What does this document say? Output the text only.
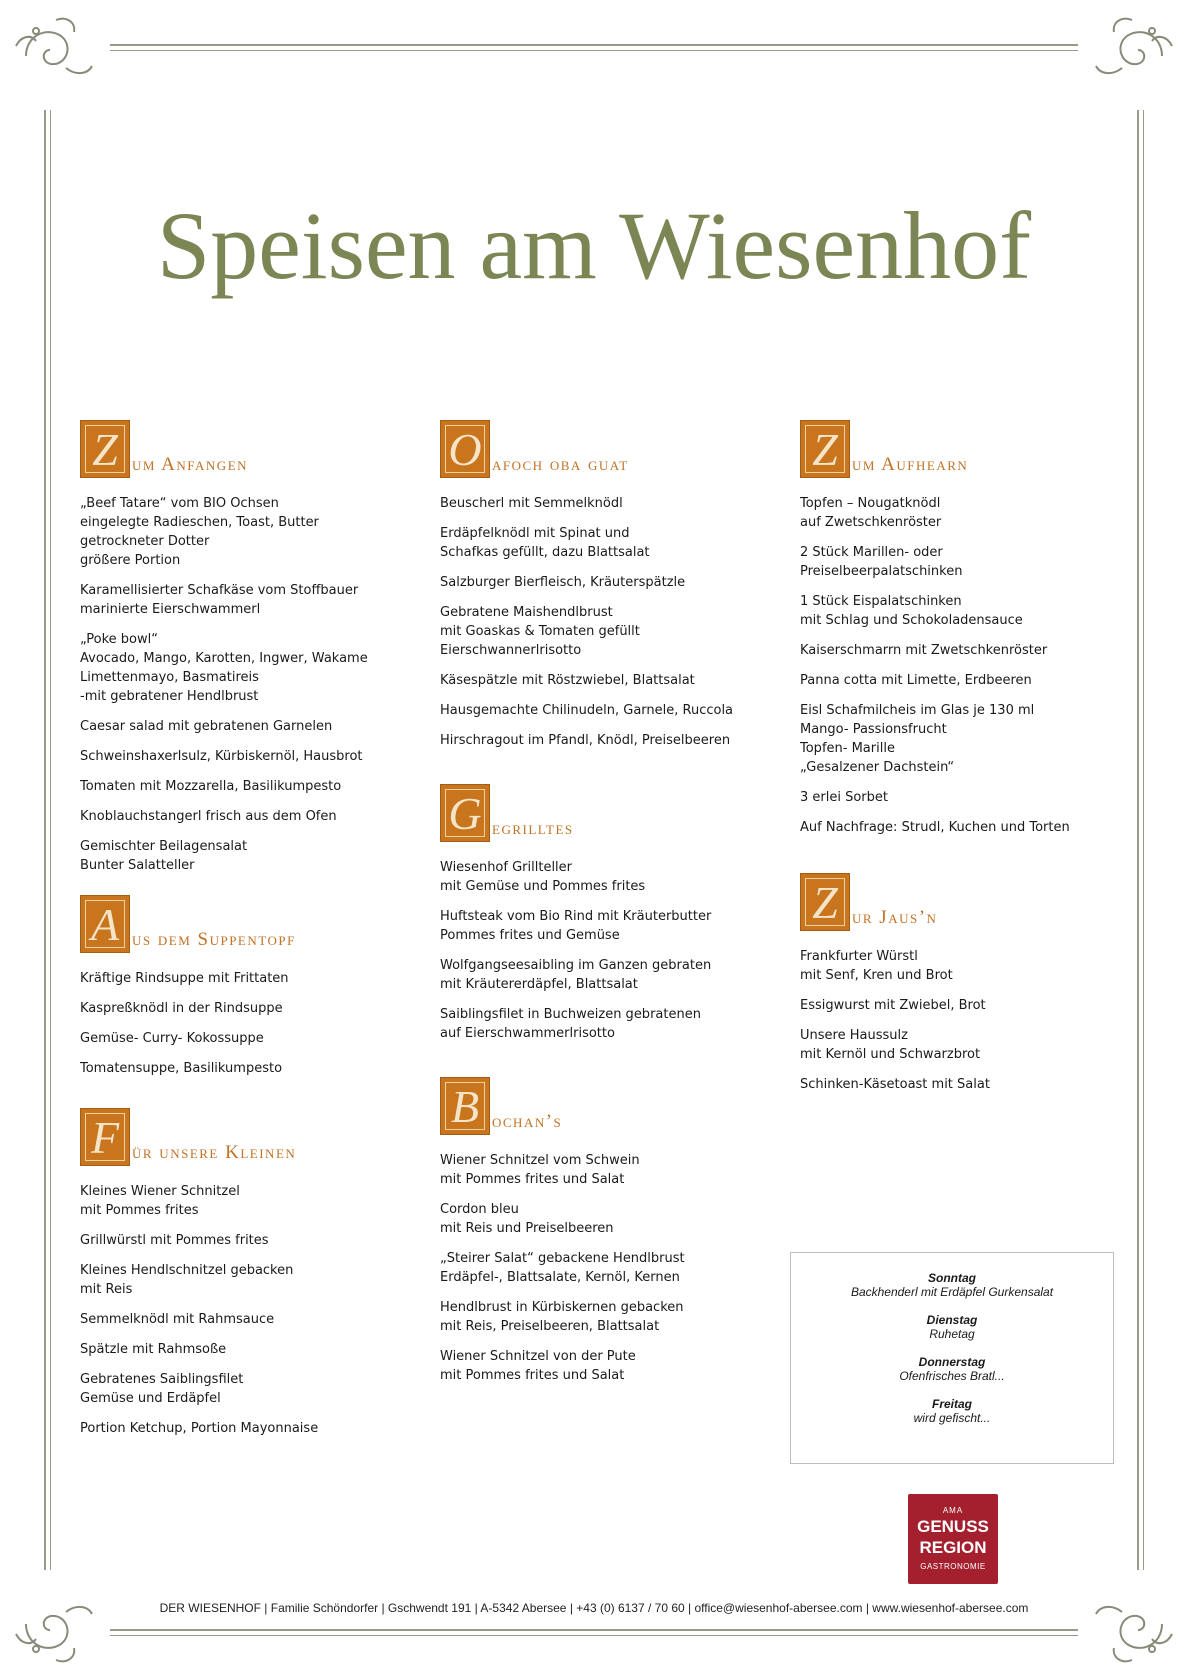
Speisen am Wiesenhof
Z um Anfangen
„Beef Tatare“ vom BIO Ochsen
eingelegte Radieschen, Toast, Butter
getrockneter Dotter
größere Portion
Karamellisierter Schafkäse vom Stoffbauer
marinierte Eierschwammerl
„Poke bowl“
Avocado, Mango, Karotten, Ingwer, Wakame
Limettenmayo, Basmatireis
-mit gebratener Hendlbrust
Caesar salad mit gebratenen Garnelen
Schweinshaxerlsulz, Kürbiskernöl, Hausbrot
Tomaten mit Mozzarella, Basilikumpesto
Knoblauchstangerl frisch aus dem Ofen
Gemischter Beilagensalat
Bunter Salatteller
A us dem Suppentopf
Kräftige Rindsuppe mit Frittaten
Kaspreßknödl in der Rindsuppe
Gemüse- Curry- Kokossuppe
Tomatensuppe, Basilikumpesto
F ür unsere Kleinen
Kleines Wiener Schnitzel
mit Pommes frites
Grillwürstl mit Pommes frites
Kleines Hendlschnitzel gebacken
mit Reis
Semmelknödl mit Rahmsauce
Spätzle mit Rahmsoße
Gebratenes Saiblingsfilet
Gemüse und Erdäpfel
Portion Ketchup, Portion Mayonnaise
O afoch oba guat
Beuscherl mit Semmelknödl
Erdäpfelknödl mit Spinat und
Schafkas gefüllt, dazu Blattsalat
Salzburger Bierfleisch, Kräuterspätzle
Gebratene Maishendlbrust
mit Goaskas & Tomaten gefüllt
Eierschwannerlrisotto
Käsespätzle mit Röstzwiebel, Blattsalat
Hausgemachte Chilinudeln, Garnele, Ruccola
Hirschragout im Pfandl, Knödl, Preiselbeeren
G egrilltes
Wiesenhof Grillteller
mit Gemüse und Pommes frites
Huftsteak vom Bio Rind mit Kräuterbutter
Pommes frites und Gemüse
Wolfgangseesaibling im Ganzen gebraten
mit Kräutererdäpfel, Blattsalat
Saiblingsfilet in Buchweizen gebratenen
auf Eierschwammerlrisotto
B ochan’s
Wiener Schnitzel vom Schwein
mit Pommes frites und Salat
Cordon bleu
mit Reis und Preiselbeeren
„Steirer Salat“ gebackene Hendlbrust
Erdäpfel-, Blattsalate, Kernöl, Kernen
Hendlbrust in Kürbiskernen gebacken
mit Reis, Preiselbeeren, Blattsalat
Wiener Schnitzel von der Pute
mit Pommes frites und Salat
Z um Aufhearn
Topfen – Nougatknödl
auf Zwetschkenröster
2 Stück Marillen- oder
Preiselbeerpalatschinken
1 Stück Eispalatschinken
mit Schlag und Schokoladensauce
Kaiserschmarrn mit Zwetschkenröster
Panna cotta mit Limette, Erdbeeren
Eisl Schafmilcheis im Glas je 130 ml
Mango- Passionsfrucht
Topfen- Marille
„Gesalzener Dachstein“
3 erlei Sorbet
Auf Nachfrage: Strudl, Kuchen und Torten
Z ur Jaus’n
Frankfurter Würstl
mit Senf, Kren und Brot
Essigwurst mit Zwiebel, Brot
Unsere Haussulz
mit Kernöl und Schwarzbrot
Schinken-Käsetoast mit Salat
Sonntag
Backhenderl mit Erdäpfel Gurkensalat
Dienstag
Ruhetag
Donnerstag
Ofenfrisches Bratl...
Freitag
wird gefischt...
AMA
GENUSS
REGION
GASTRONOMIE
DER WIESENHOF | Familie Schöndorfer | Gschwendt 191 | A-5342 Abersee | +43 (0) 6137 / 70 60 | office@wiesenhof-abersee.com | www.wiesenhof-abersee.com
